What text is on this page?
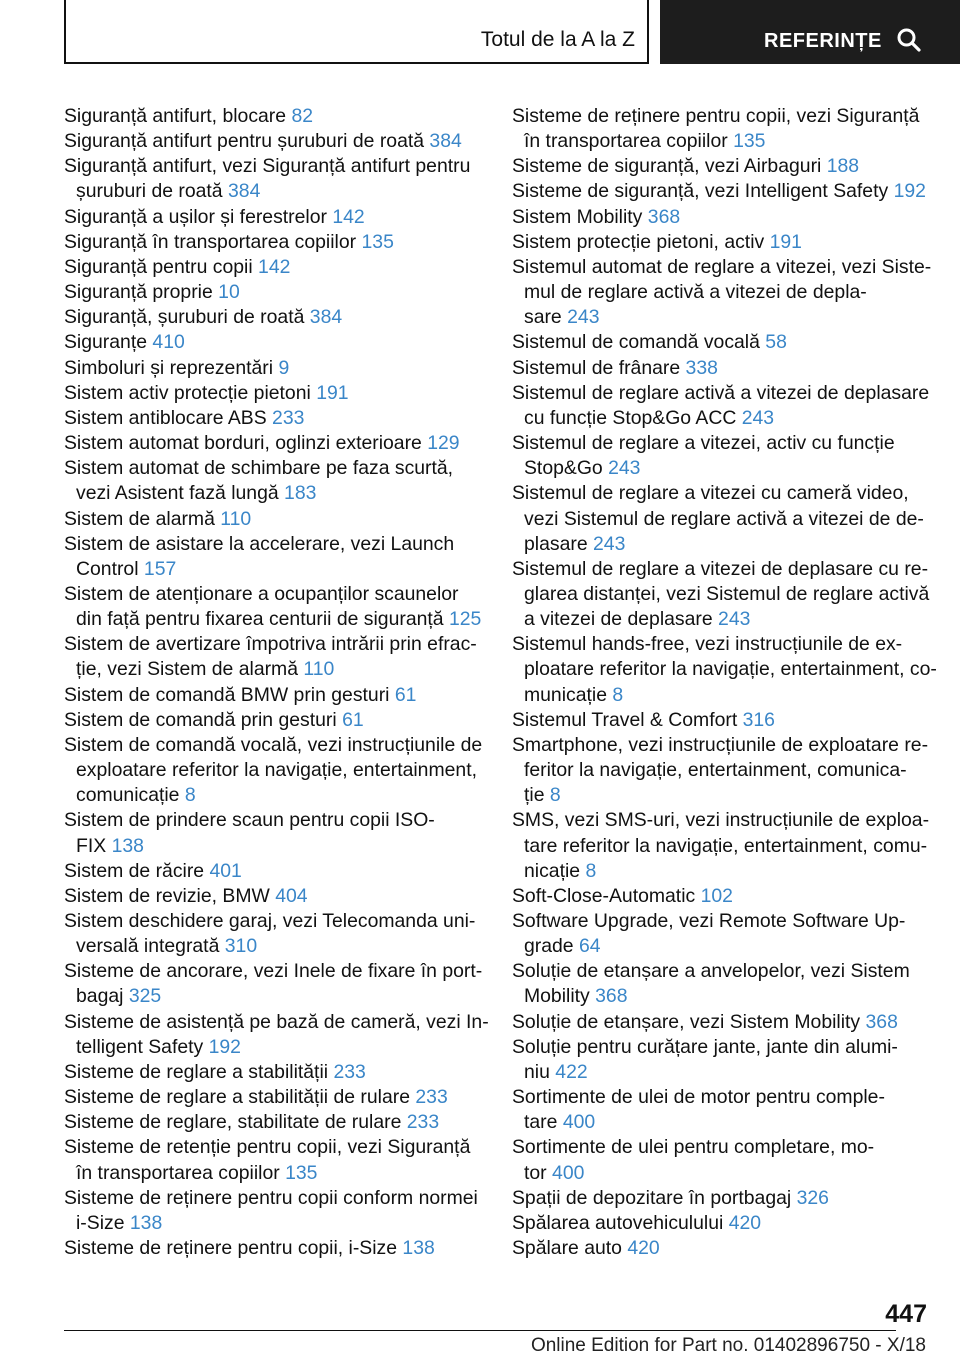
Totul de la A la Z	REFERINȚE
Siguranță antifurt, blocare 82
Siguranță antifurt pentru șuruburi de roată 384
Siguranță antifurt, vezi Siguranță antifurt pentru
șuruburi de roată 384
Siguranță a ușilor și ferestrelor 142
Siguranță în transportarea copiilor 135
Siguranță pentru copii 142
Siguranță proprie 10
Siguranță, șuruburi de roată 384
Siguranțe 410
Simboluri și reprezentări 9
Sistem activ protecție pietoni 191
Sistem antiblocare ABS 233
Sistem automat borduri, oglinzi exterioare 129
Sistem automat de schimbare pe faza scurtă,
vezi Asistent fază lungă 183
Sistem de alarmă 110
Sistem de asistare la accelerare, vezi Launch
Control 157
Sistem de atenționare a ocupanților scaunelor
din față pentru fixarea centurii de siguranță 125
Sistem de avertizare împotriva intrării prin efrac‐
ție, vezi Sistem de alarmă 110
Sistem de comandă BMW prin gesturi 61
Sistem de comandă prin gesturi 61
Sistem de comandă vocală, vezi instrucțiunile de
exploatare referitor la navigație, entertainment,
comunicație 8
Sistem de prindere scaun pentru copii ISO‐
FIX 138
Sistem de răcire 401
Sistem de revizie, BMW 404
Sistem deschidere garaj, vezi Telecomanda uni‐
versală integrată 310
Sisteme de ancorare, vezi Inele de fixare în port‐
bagaj 325
Sisteme de asistență pe bază de cameră, vezi In‐
telligent Safety 192
Sisteme de reglare a stabilității 233
Sisteme de reglare a stabilității de rulare 233
Sisteme de reglare, stabilitate de rulare 233
Sisteme de retenție pentru copii, vezi Siguranță
în transportarea copiilor 135
Sisteme de reținere pentru copii conform normei
i-Size 138
Sisteme de reținere pentru copii, i-Size 138
Sisteme de reținere pentru copii, vezi Siguranță
în transportarea copiilor 135
Sisteme de siguranță, vezi Airbaguri 188
Sisteme de siguranță, vezi Intelligent Safety 192
Sistem Mobility 368
Sistem protecție pietoni, activ 191
Sistemul automat de reglare a vitezei, vezi Siste‐
mul de reglare activă a vitezei de depla‐
sare 243
Sistemul de comandă vocală 58
Sistemul de frânare 338
Sistemul de reglare activă a vitezei de deplasare
cu funcție Stop&Go ACC 243
Sistemul de reglare a vitezei, activ cu funcție
Stop&Go 243
Sistemul de reglare a vitezei cu cameră video,
vezi Sistemul de reglare activă a vitezei de de‐
plasare 243
Sistemul de reglare a vitezei de deplasare cu re‐
glarea distanței, vezi Sistemul de reglare activă
a vitezei de deplasare 243
Sistemul hands-free, vezi instrucțiunile de ex‐
ploatare referitor la navigație, entertainment, co‐
municație 8
Sistemul Travel & Comfort 316
Smartphone, vezi instrucțiunile de exploatare re‐
feritor la navigație, entertainment, comunica‐
ție 8
SMS, vezi SMS-uri, vezi instrucțiunile de exploa‐
tare referitor la navigație, entertainment, comu‐
nicație 8
Soft-Close-Automatic 102
Software Upgrade, vezi Remote Software Up‐
grade 64
Soluție de etanșare a anvelopelor, vezi Sistem
Mobility 368
Soluție de etanșare, vezi Sistem Mobility 368
Soluție pentru curățare jante, jante din alumi‐
niu 422
Sortimente de ulei de motor pentru comple‐
tare 400
Sortimente de ulei pentru completare, mo‐
tor 400
Spații de depozitare în portbagaj 326
Spălarea autovehiculului 420
Spălare auto 420
447
Online Edition for Part no. 01402896750 - X/18
